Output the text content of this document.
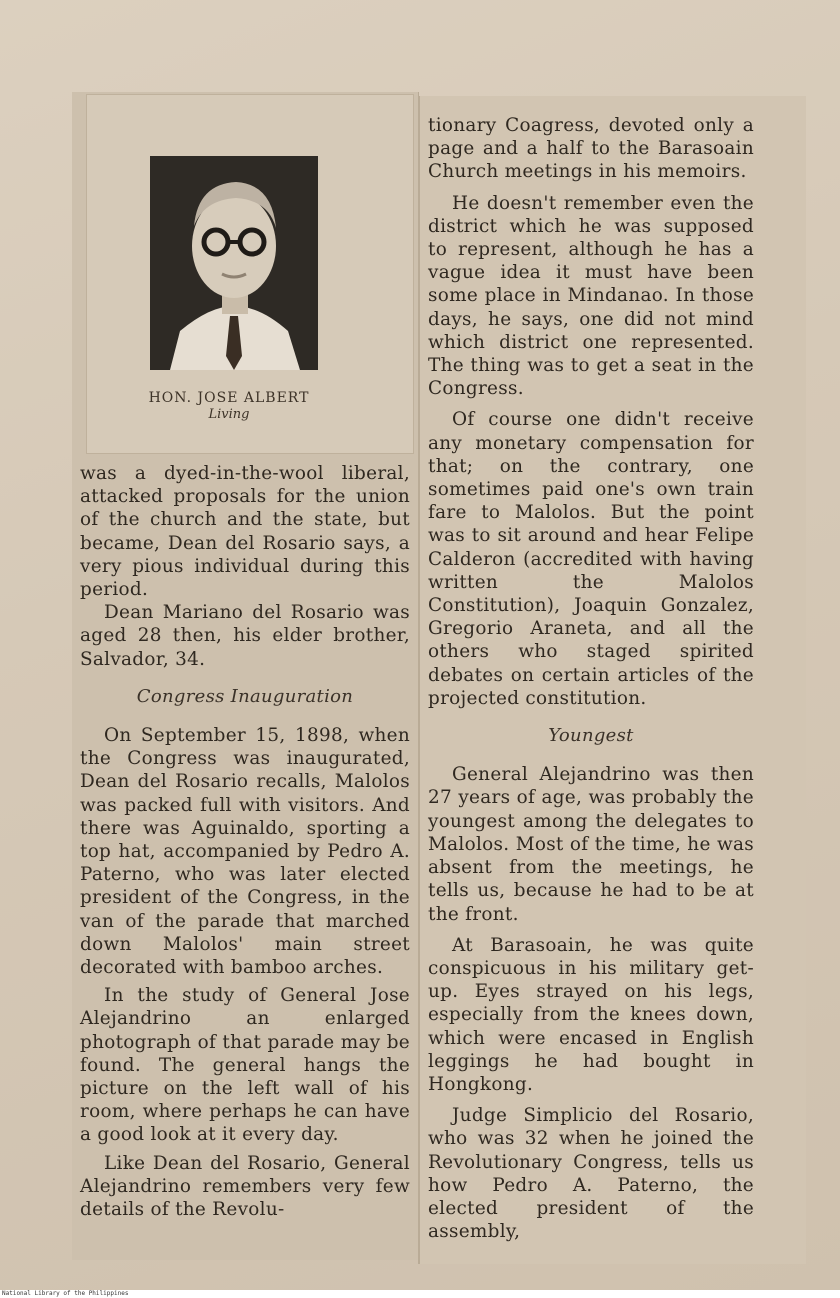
HON. JOSE ALBERT
Living

was a dyed-in-the-wool liberal, attacked proposals for the union of the church and the state, but became, Dean del Rosario says, a very pious individual during this period.

Dean Mariano del Rosario was aged 28 then, his elder brother, Salvador, 34.

Congress Inauguration

On September 15, 1898, when the Congress was inaugurated, Dean del Rosario recalls, Malolos was packed full with visitors. And there was Aguinaldo, sporting a top hat, accompanied by Pedro A. Paterno, who was later elected president of the Congress, in the van of the parade that marched down Malolos' main street decorated with bamboo arches.

In the study of General Jose Alejandrino an enlarged photograph of that parade may be found. The general hangs the picture on the left wall of his room, where perhaps he can have a good look at it every day.

Like Dean del Rosario, General Alejandrino remembers very few details of the Revolu-

tionary Coagress, devoted only a page and a half to the Barasoain Church meetings in his memoirs.

He doesn't remember even the district which he was supposed to represent, although he has a vague idea it must have been some place in Mindanao. In those days, he says, one did not mind which district one represented. The thing was to get a seat in the Congress.

Of course one didn't receive any monetary compensation for that; on the contrary, one sometimes paid one's own train fare to Malolos. But the point was to sit around and hear Felipe Calderon (accredited with having written the Malolos Constitution), Joaquin Gonzalez, Gregorio Araneta, and all the others who staged spirited debates on certain articles of the projected constitution.

Youngest

General Alejandrino was then 27 years of age, was probably the youngest among the delegates to Malolos. Most of the time, he was absent from the meetings, he tells us, because he had to be at the front.

At Barasoain, he was quite conspicuous in his military get-up. Eyes strayed on his legs, especially from the knees down, which were encased in English leggings he had bought in Hongkong.

Judge Simplicio del Rosario, who was 32 when he joined the Revolutionary Congress, tells us how Pedro A. Paterno, the elected president of the assembly,

National Library of the Philippines
